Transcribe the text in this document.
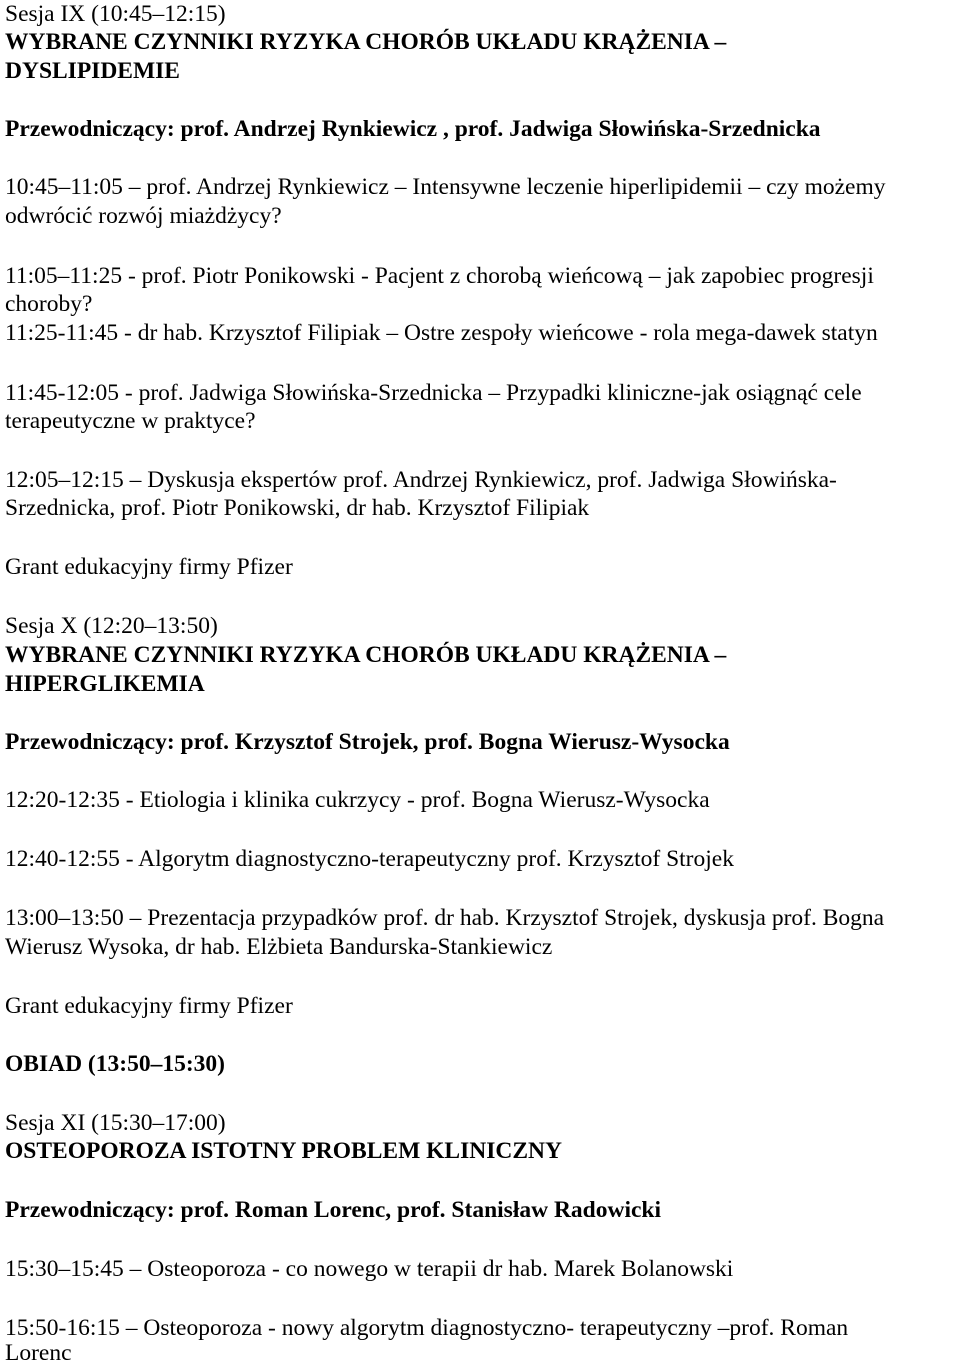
Sesja IX (10:45–12:15)
WYBRANE CZYNNIKI RYZYKA CHORÓB UKŁADU KRĄŻENIA –
DYSLIPIDEMIE
Przewodniczący: prof. Andrzej Rynkiewicz , prof. Jadwiga Słowińska-Srzednicka
10:45–11:05 – prof. Andrzej Rynkiewicz – Intensywne leczenie hiperlipidemii – czy możemy
odwrócić rozwój miażdżycy?
11:05–11:25 - prof. Piotr Ponikowski - Pacjent z chorobą wieńcową – jak zapobiec progresji
choroby?
11:25-11:45 - dr hab. Krzysztof Filipiak – Ostre zespoły wieńcowe - rola mega-dawek statyn
11:45-12:05 - prof. Jadwiga Słowińska-Srzednicka – Przypadki kliniczne-jak osiągnąć cele
terapeutyczne w praktyce?
12:05–12:15 – Dyskusja ekspertów prof. Andrzej Rynkiewicz, prof. Jadwiga Słowińska-
Srzednicka, prof. Piotr Ponikowski, dr hab. Krzysztof Filipiak
Grant edukacyjny firmy Pfizer
Sesja X (12:20–13:50)
WYBRANE CZYNNIKI RYZYKA CHORÓB UKŁADU KRĄŻENIA –
HIPERGLIKEMIA
Przewodniczący: prof. Krzysztof Strojek, prof. Bogna Wierusz-Wysocka
12:20-12:35 - Etiologia i klinika cukrzycy - prof. Bogna Wierusz-Wysocka
12:40-12:55 - Algorytm diagnostyczno-terapeutyczny prof. Krzysztof Strojek
13:00–13:50 – Prezentacja przypadków prof. dr hab. Krzysztof Strojek, dyskusja prof. Bogna
Wierusz Wysoka, dr hab. Elżbieta Bandurska-Stankiewicz
Grant edukacyjny firmy Pfizer
OBIAD (13:50–15:30)
Sesja XI (15:30–17:00)
OSTEOPOROZA ISTOTNY PROBLEM KLINICZNY
Przewodniczący: prof. Roman Lorenc, prof. Stanisław Radowicki
15:30–15:45 – Osteoporoza - co nowego w terapii dr hab. Marek Bolanowski
15:50-16:15 – Osteoporoza - nowy algorytm diagnostyczno- terapeutyczny –prof. Roman
Lorenc
